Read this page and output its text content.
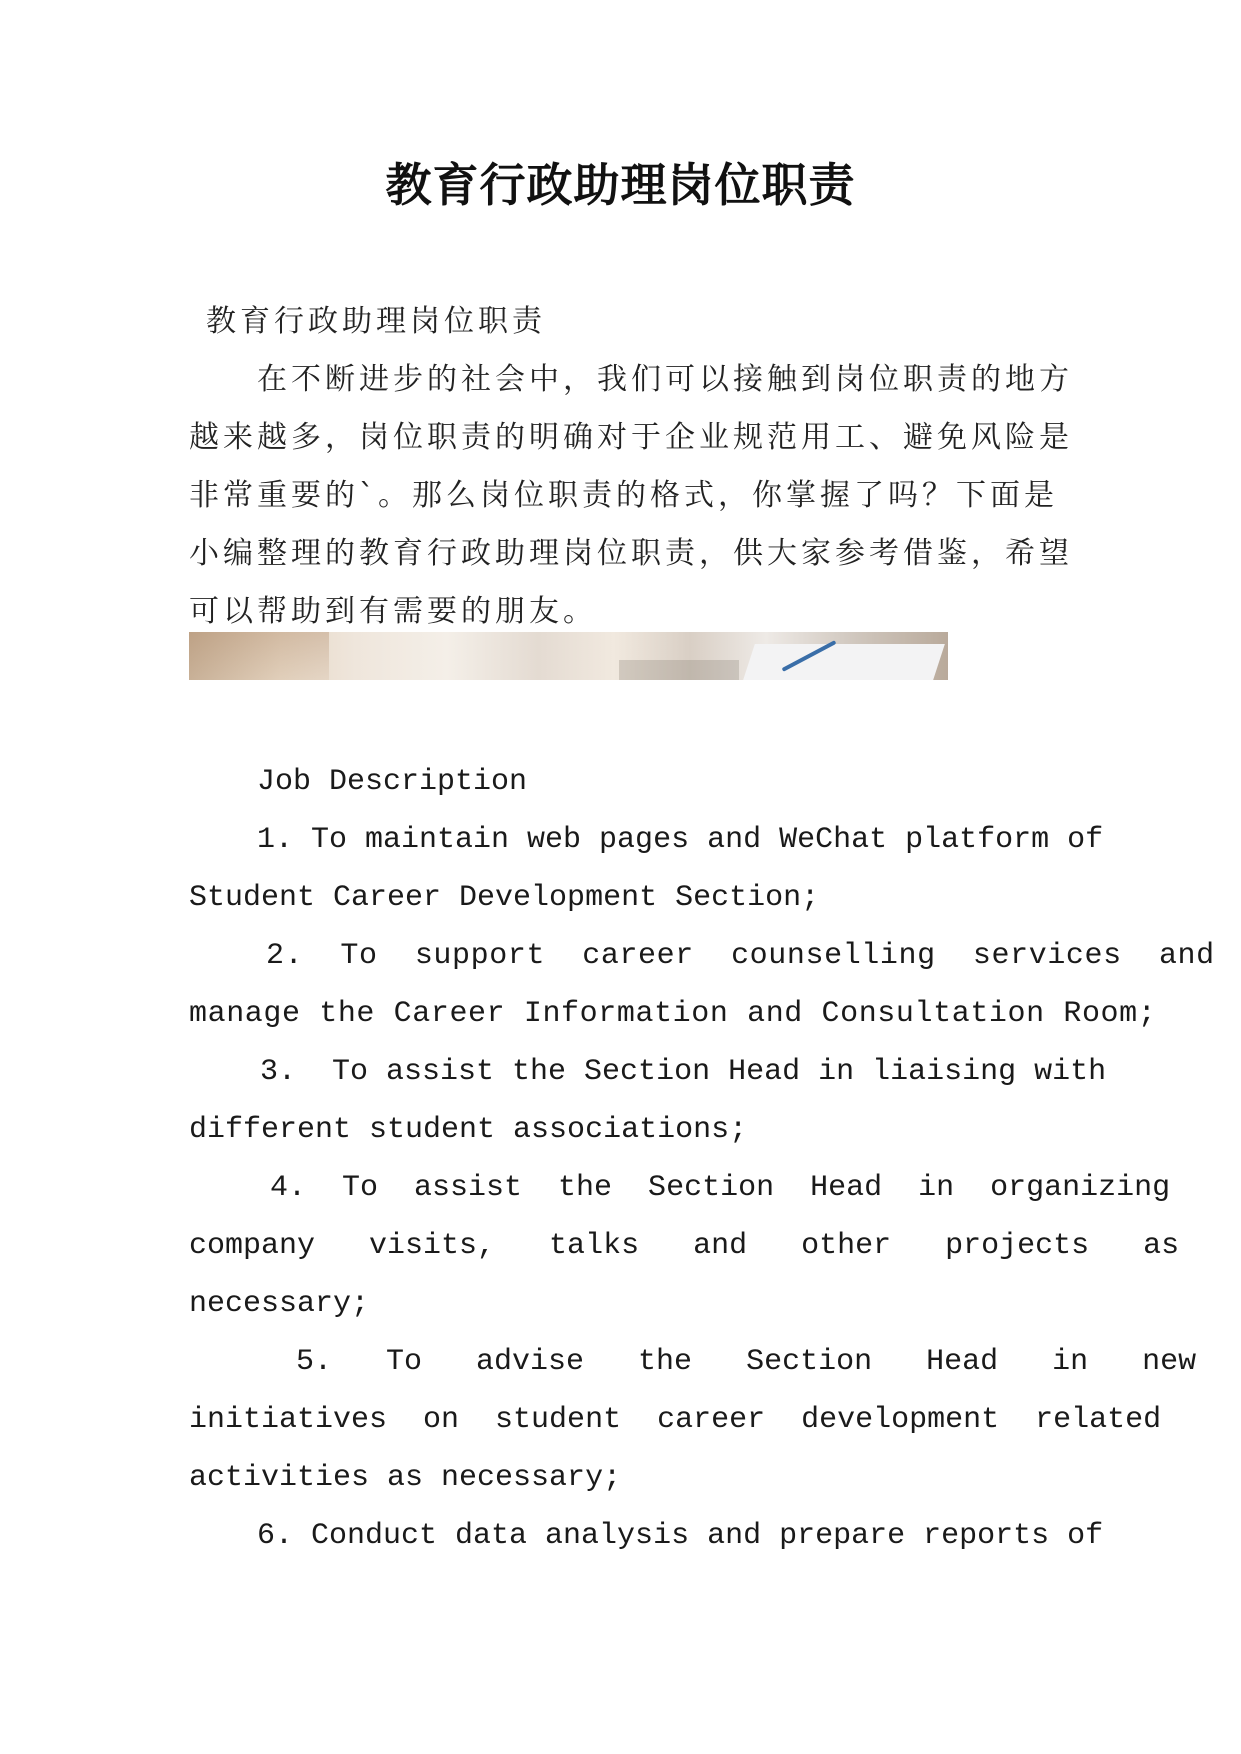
教育行政助理岗位职责
教育行政助理岗位职责
在不断进步的社会中，我们可以接触到岗位职责的地方
越来越多，岗位职责的明确对于企业规范用工、避免风险是
非常重要的`。那么岗位职责的格式，你掌握了吗？下面是
小编整理的教育行政助理岗位职责，供大家参考借鉴，希望
可以帮助到有需要的朋友。
Job Description
1. To maintain web pages and WeChat platform of
Student Career Development Section;
2.  To  support  career  counselling  services  and
manage the Career Information and Consultation Room;
3.  To assist the Section Head in liaising with
different student associations;
4.  To  assist  the  Section  Head  in  organizing
company   visits,   talks   and   other   projects   as
necessary;
5.   To   advise   the   Section   Head   in   new
initiatives  on  student  career  development  related
activities as necessary;
6. Conduct data analysis and prepare reports of
